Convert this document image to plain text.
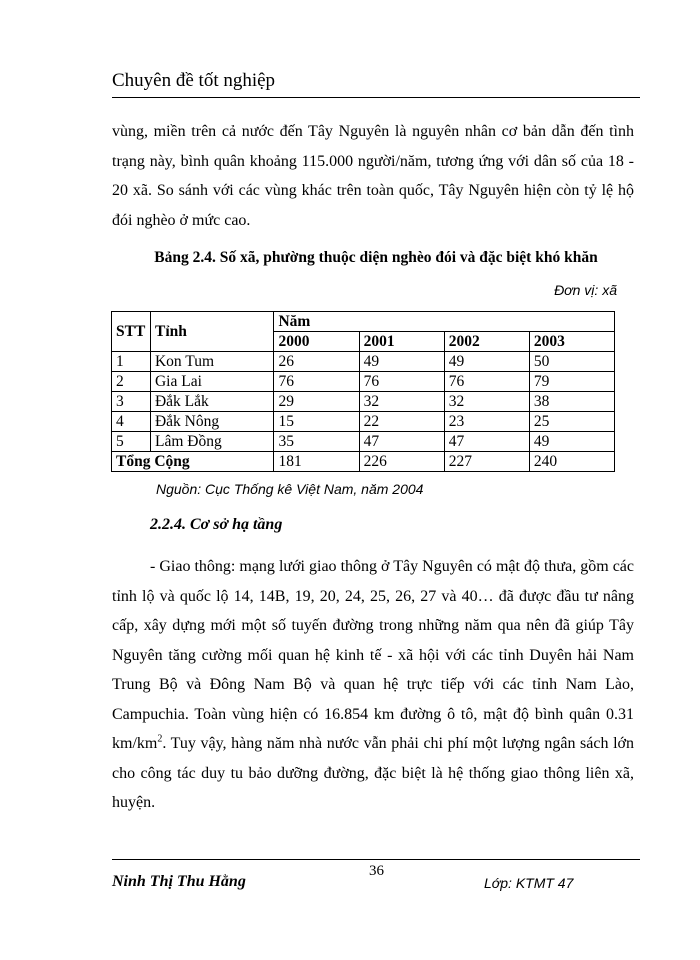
Chuyên đề tốt nghiệp

vùng, miền trên cả nước đến Tây Nguyên là nguyên nhân cơ bản dẫn đến tình trạng này, bình quân khoảng 115.000 người/năm, tương ứng với dân số của 18 - 20 xã. So sánh với các vùng khác trên toàn quốc, Tây Nguyên hiện còn tỷ lệ hộ đói nghèo ở mức cao.

Bảng 2.4. Số xã, phường thuộc diện nghèo đói và đặc biệt khó khăn
Đơn vị: xã
STT	Tỉnh	Năm			
		2000	2001	2002	2003
1	Kon Tum	26	49	49	50
2	Gia Lai	76	76	76	79
3	Đắk Lắk	29	32	32	38
4	Đắk Nông	15	22	23	25
5	Lâm Đồng	35	47	47	49
Tổng Cộng		181	226	227	240
Nguồn: Cục Thống kê Việt Nam, năm 2004
2.2.4. Cơ sở hạ tầng

- Giao thông: mạng lưới giao thông ở Tây Nguyên có mật độ thưa, gồm các tỉnh lộ và quốc lộ 14, 14B, 19, 20, 24, 25, 26, 27 và 40… đã được đầu tư nâng cấp, xây dựng mới một số tuyến đường trong những năm qua nên đã giúp Tây Nguyên tăng cường mối quan hệ kinh tế - xã hội với các tỉnh Duyên hải Nam Trung Bộ và Đông Nam Bộ và quan hệ trực tiếp với các tỉnh Nam Lào, Campuchia. Toàn vùng hiện có 16.854 km đường ô tô, mật độ bình quân 0.31 $km/km^2$. Tuy vậy, hàng năm nhà nước vẫn phải chi phí một lượng ngân sách lớn cho công tác duy tu bảo dưỡng đường, đặc biệt là hệ thống giao thông liên xã, huyện.

36
Ninh Thị Thu Hằng	Lớp: KTMT 47
